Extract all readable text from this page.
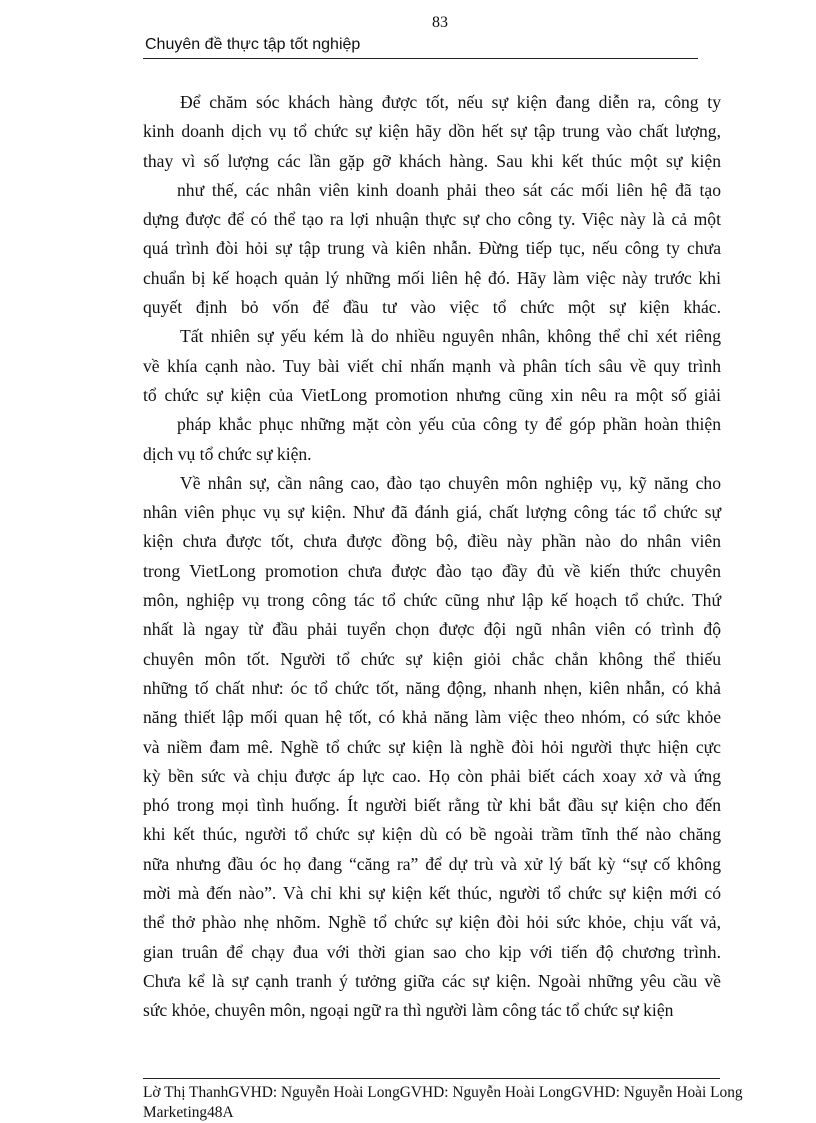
83
Chuyên đề thực tập tốt nghiệp
Để chăm sóc khách hàng được tốt, nếu sự kiện đang diễn ra, công ty
kinh doanh dịch vụ tổ chức sự kiện hãy dồn hết sự tập trung vào chất lượng,
thay vì số lượng các lần gặp gỡ khách hàng. Sau khi kết thúc một sự kiện
như thế, các nhân viên kinh doanh phải theo sát các mối liên hệ đã tạo
dựng được để có thể tạo ra lợi nhuận thực sự cho công ty. Việc này là cả một
quá trình đòi hỏi sự tập trung và kiên nhẫn. Đừng tiếp tục, nếu công ty chưa
chuẩn bị kế hoạch quản lý những mối liên hệ đó. Hãy làm việc này trước khi
quyết định bỏ vốn để đầu tư vào việc tổ chức một sự kiện khác.
Tất nhiên sự yếu kém là do nhiều nguyên nhân, không thể chỉ xét riêng
về khía cạnh nào. Tuy bài viết chỉ nhấn mạnh và phân tích sâu về quy trình
tổ chức sự kiện của VietLong promotion nhưng cũng xin nêu ra một số giải
pháp khắc phục những mặt còn yếu của công ty để góp phần hoàn thiện
dịch vụ tổ chức sự kiện.
Về nhân sự, cần nâng cao, đào tạo chuyên môn nghiệp vụ, kỹ năng cho
nhân viên phục vụ sự kiện. Như đã đánh giá, chất lượng công tác tổ chức sự
kiện chưa được tốt, chưa được đồng bộ, điều này phần nào do nhân viên
trong VietLong promotion chưa được đào tạo đầy đủ về kiến thức chuyên
môn, nghiệp vụ trong công tác tổ chức cũng như lập kế hoạch tổ chức. Thứ
nhất là ngay từ đầu phải tuyển chọn được đội ngũ nhân viên có trình độ
chuyên môn tốt. Người tổ chức sự kiện giỏi chắc chắn không thể thiếu
những tố chất như: óc tổ chức tốt, năng động, nhanh nhẹn, kiên nhẫn, có khả
năng thiết lập mối quan hệ tốt, có khả năng làm việc theo nhóm, có sức khỏe
và niềm đam mê. Nghề tổ chức sự kiện là nghề đòi hỏi người thực hiện cực
kỳ bền sức và chịu được áp lực cao. Họ còn phải biết cách xoay xở và ứng
phó trong mọi tình huống. Ít người biết rằng từ khi bắt đầu sự kiện cho đến
khi kết thúc, người tổ chức sự kiện dù có bề ngoài trầm tĩnh thế nào chăng
nữa nhưng đầu óc họ đang “căng ra” để dự trù và xử lý bất kỳ “sự cố không
mời mà đến nào”. Và chỉ khi sự kiện kết thúc, người tổ chức sự kiện mới có
thể thở phào nhẹ nhõm. Nghề tổ chức sự kiện đòi hỏi sức khỏe, chịu vất vả,
gian truân để chạy đua với thời gian sao cho kịp với tiến độ chương trình.
Chưa kể là sự cạnh tranh ý tưởng giữa các sự kiện. Ngoài những yêu cầu về
sức khỏe, chuyên môn, ngoại ngữ ra thì người làm công tác tổ chức sự kiện
Lờ Thị ThanhGVHD: Nguyễn Hoài LongGVHD: Nguyễn Hoài LongGVHD: Nguyễn Hoài Long
Marketing48A
